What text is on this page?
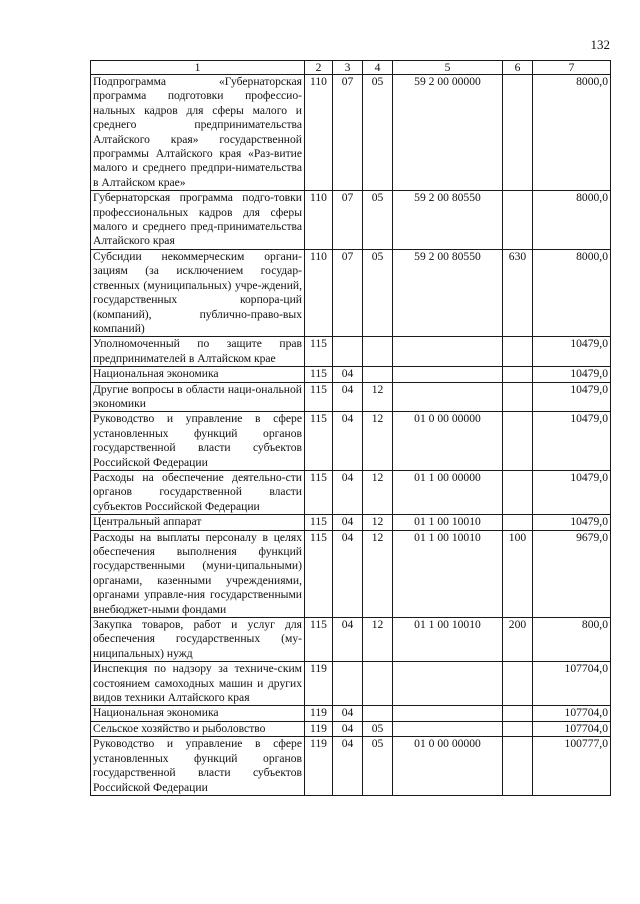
132
1	2	3	4	5	6	7
Подпрограмма «Губернаторская программа подготовки профессио-нальных кадров для сферы малого и среднего предпринимательства Алтайского края» государственной программы Алтайского края «Раз-витие малого и среднего предпри-нимательства в Алтайском крае»	110	07	05	59 2 00 00000		8000,0
Губернаторская программа подго-товки профессиональных кадров для сферы малого и среднего пред-принимательства Алтайского края	110	07	05	59 2 00 80550		8000,0
Субсидии некоммерческим органи-зациям (за исключением государ-ственных (муниципальных) учре-ждений, государственных корпора-ций (компаний), публично-право-вых компаний)	110	07	05	59 2 00 80550	630	8000,0
Уполномоченный по защите прав предпринимателей в Алтайском крае	115					10479,0
Национальная экономика	115	04				10479,0
Другие вопросы в области наци-ональной экономики	115	04	12			10479,0
Руководство и управление в сфере установленных функций органов государственной власти субъектов Российской Федерации	115	04	12	01 0 00 00000		10479,0
Расходы на обеспечение деятельно-сти органов государственной власти субъектов Российской Федерации	115	04	12	01 1 00 00000		10479,0
Центральный аппарат	115	04	12	01 1 00 10010		10479,0
Расходы на выплаты персоналу в целях обеспечения выполнения функций государственными (муни-ципальными) органами, казенными учреждениями, органами управле-ния государственными внебюджет-ными фондами	115	04	12	01 1 00 10010	100	9679,0
Закупка товаров, работ и услуг для обеспечения государственных (му-ниципальных) нужд	115	04	12	01 1 00 10010	200	800,0
Инспекция по надзору за техниче-ским состоянием самоходных машин и других видов техники Алтайского края	119					107704,0
Национальная экономика	119	04				107704,0
Сельское хозяйство и рыболовство	119	04	05			107704,0
Руководство и управление в сфере установленных функций органов государственной власти субъектов Российской Федерации	119	04	05	01 0 00 00000		100777,0
